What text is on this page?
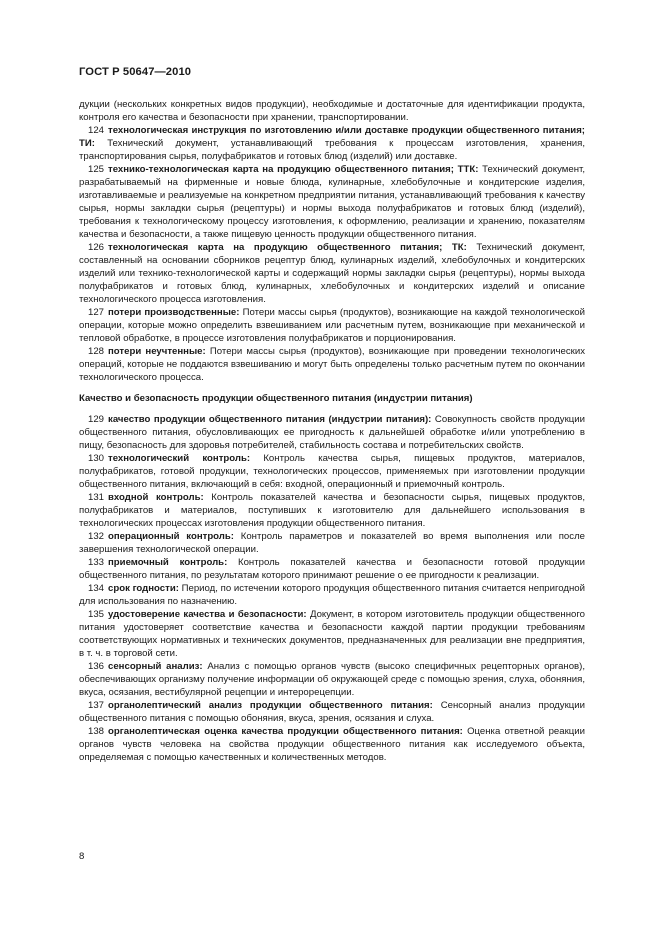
ГОСТ Р 50647—2010

дукции (нескольких конкретных видов продукции), необходимые и достаточные для идентификации продукта, контроля его качества и безопасности при хранении, транспортировании.

124 технологическая инструкция по изготовлению и/или доставке продукции общественного питания; ТИ: Технический документ, устанавливающий требования к процессам изготовления, хранения, транспортирования сырья, полуфабрикатов и готовых блюд (изделий) или доставке.

125 технико-технологическая карта на продукцию общественного питания; ТТК: Технический документ, разрабатываемый на фирменные и новые блюда, кулинарные, хлебобулочные и кондитерские изделия, изготавливаемые и реализуемые на конкретном предприятии питания, устанавливающий требования к качеству сырья, нормы закладки сырья (рецептуры) и нормы выхода полуфабрикатов и готовых блюд (изделий), требования к технологическому процессу изготовления, к оформлению, реализации и хранению, показателям качества и безопасности, а также пищевую ценность продукции общественного питания.

126 технологическая карта на продукцию общественного питания; ТК: Технический документ, составленный на основании сборников рецептур блюд, кулинарных изделий, хлебобулочных и кондитерских изделий или технико-технологической карты и содержащий нормы закладки сырья (рецептуры), нормы выхода полуфабрикатов и готовых блюд, кулинарных, хлебобулочных и кондитерских изделий и описание технологического процесса изготовления.

127 потери производственные: Потери массы сырья (продуктов), возникающие на каждой технологической операции, которые можно определить взвешиванием или расчетным путем, возникающие при механической и тепловой обработке, в процессе изготовления полуфабрикатов и порционирования.

128 потери неучтенные: Потери массы сырья (продуктов), возникающие при проведении технологических операций, которые не поддаются взвешиванию и могут быть определены только расчетным путем по окончании технологического процесса.

Качество и безопасность продукции общественного питания (индустрии питания)

129 качество продукции общественного питания (индустрии питания): Совокупность свойств продукции общественного питания, обусловливающих ее пригодность к дальнейшей обработке и/или употреблению в пищу, безопасность для здоровья потребителей, стабильность состава и потребительских свойств.

130 технологический контроль: Контроль качества сырья, пищевых продуктов, материалов, полуфабрикатов, готовой продукции, технологических процессов, применяемых при изготовлении продукции общественного питания, включающий в себя: входной, операционный и приемочный контроль.

131 входной контроль: Контроль показателей качества и безопасности сырья, пищевых продуктов, полуфабрикатов и материалов, поступивших к изготовителю для дальнейшего использования в технологических процессах изготовления продукции общественного питания.

132 операционный контроль: Контроль параметров и показателей во время выполнения или после завершения технологической операции.

133 приемочный контроль: Контроль показателей качества и безопасности готовой продукции общественного питания, по результатам которого принимают решение о ее пригодности к реализации.

134 срок годности: Период, по истечении которого продукция общественного питания считается непригодной для использования по назначению.

135 удостоверение качества и безопасности: Документ, в котором изготовитель продукции общественного питания удостоверяет соответствие качества и безопасности каждой партии продукции требованиям соответствующих нормативных и технических документов, предназначенных для реализации вне предприятия, в т. ч. в торговой сети.

136 сенсорный анализ: Анализ с помощью органов чувств (высоко специфичных рецепторных органов), обеспечивающих организму получение информации об окружающей среде с помощью зрения, слуха, обоняния, вкуса, осязания, вестибулярной рецепции и интерорецепции.

137 органолептический анализ продукции общественного питания: Сенсорный анализ продукции общественного питания с помощью обоняния, вкуса, зрения, осязания и слуха.

138 органолептическая оценка качества продукции общественного питания: Оценка ответной реакции органов чувств человека на свойства продукции общественного питания как исследуемого объекта, определяемая с помощью качественных и количественных методов.

8
